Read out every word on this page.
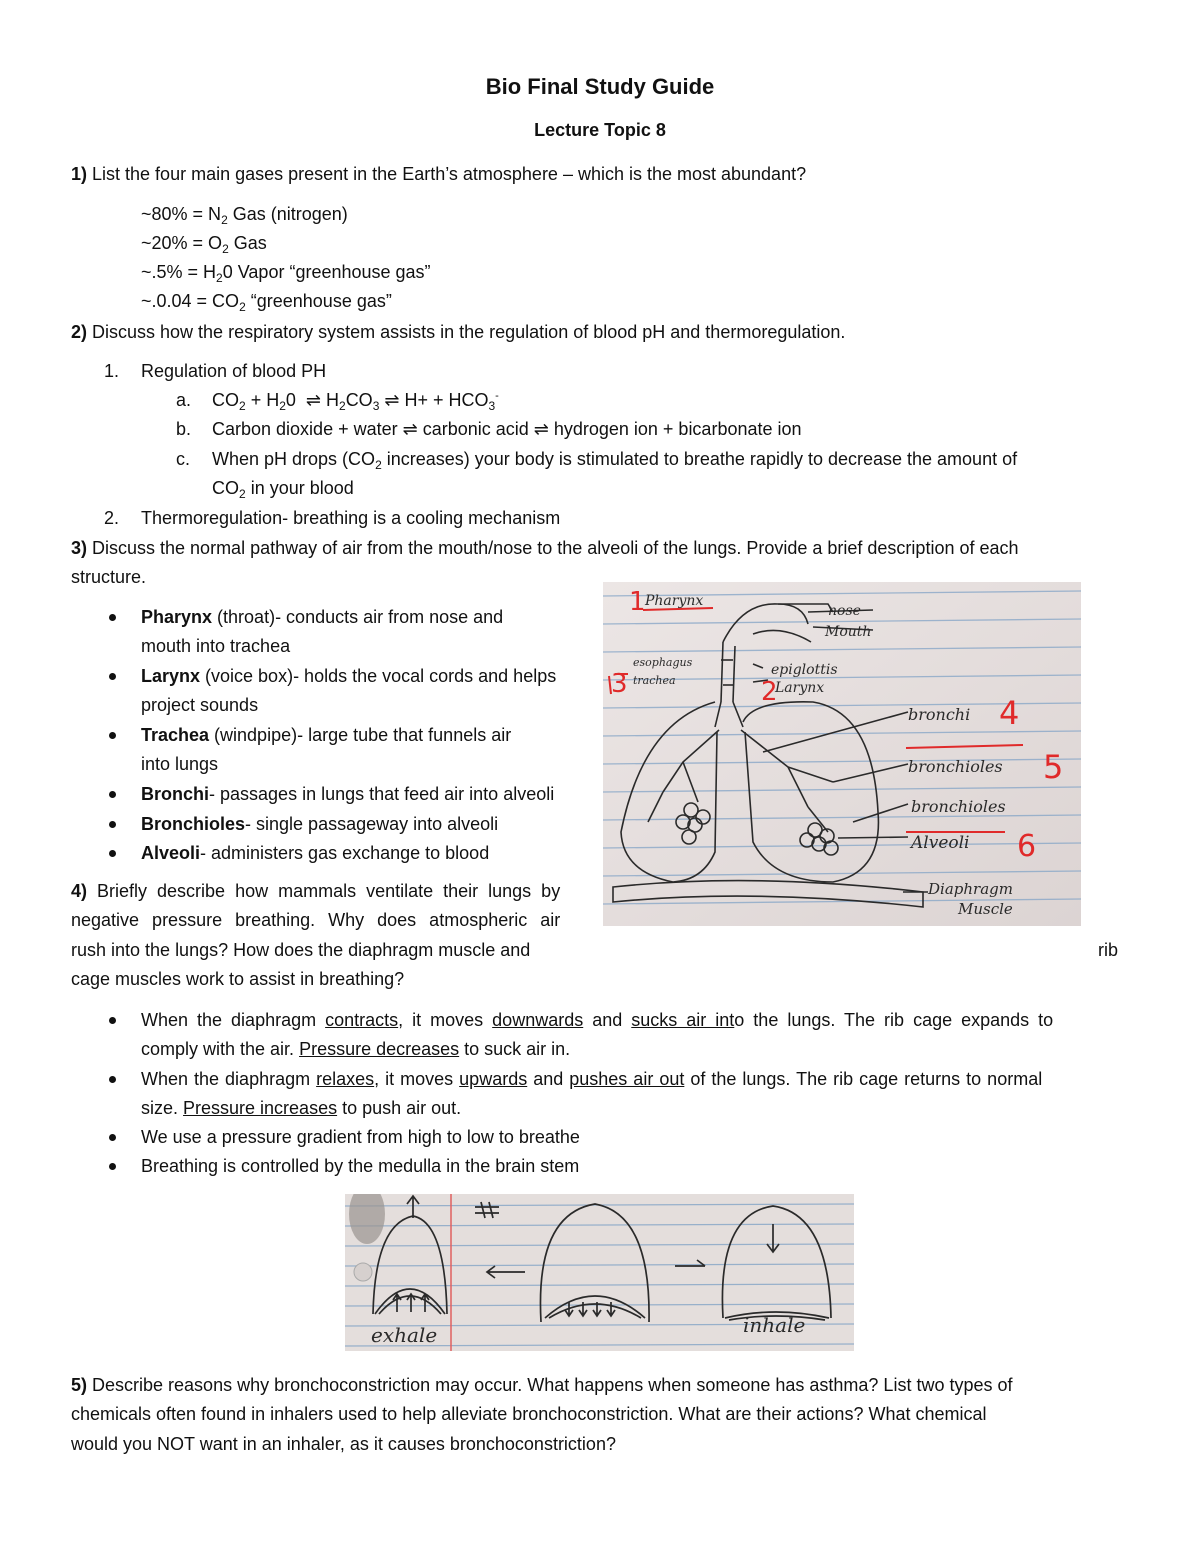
Bio Final Study Guide
Lecture Topic 8
1) List the four main gases present in the Earth’s atmosphere – which is the most abundant?
~80% = $N_2$ Gas (nitrogen)
~20% = $O_2$ Gas
~.5% = $H_20$ Vapor “greenhouse gas”
~.0.04 = $CO_2$ “greenhouse gas”
2) Discuss how the respiratory system assists in the regulation of blood pH and thermoregulation.
1. Regulation of blood PH
a. $CO_2 + H_20$  ⇌ $H_2CO_3$ ⇌ $H+ + HCO_3^-$
b. Carbon dioxide + water ⇌ carbonic acid ⇌ hydrogen ion + bicarbonate ion
c. When pH drops ($CO_2$ increases) your body is stimulated to breathe rapidly to decrease the amount of
$CO_2$ in your blood
2. Thermoregulation- breathing is a cooling mechanism
3) Discuss the normal pathway of air from the mouth/nose to the alveoli of the lungs. Provide a brief description of each
structure.
Pharynx (throat)- conducts air from nose and
mouth into trachea
Larynx (voice box)- holds the vocal cords and helps
project sounds
Trachea (windpipe)- large tube that funnels air
into lungs
Bronchi- passages in lungs that feed air into alveoli
Bronchioles- single passageway into alveoli
Alveoli- administers gas exchange to blood
Pharynx
nose
Mouth
esophagus
trachea
epiglottis
Larynx
bronchi
bronchioles
bronchioles
Alveoli
Diaphragm
Muscle
1
2
3
4
5
6
4) Briefly describe how mammals ventilate their lungs by
negative pressure breathing. Why does atmospheric air
rush into the lungs? How does the diaphragm muscle and	rib
cage muscles work to assist in breathing?
When the diaphragm contracts, it moves downwards and sucks air into the lungs. The rib cage expands to
comply with the air. Pressure decreases to suck air in.
When the diaphragm relaxes, it moves upwards and pushes air out of the lungs. The rib cage returns to normal
size. Pressure increases to push air out.
We use a pressure gradient from high to low to breathe
Breathing is controlled by the medulla in the brain stem
exhale	inhale
5) Describe reasons why bronchoconstriction may occur. What happens when someone has asthma? List two types of
chemicals often found in inhalers used to help alleviate bronchoconstriction. What are their actions? What chemical
would you NOT want in an inhaler, as it causes bronchoconstriction?
